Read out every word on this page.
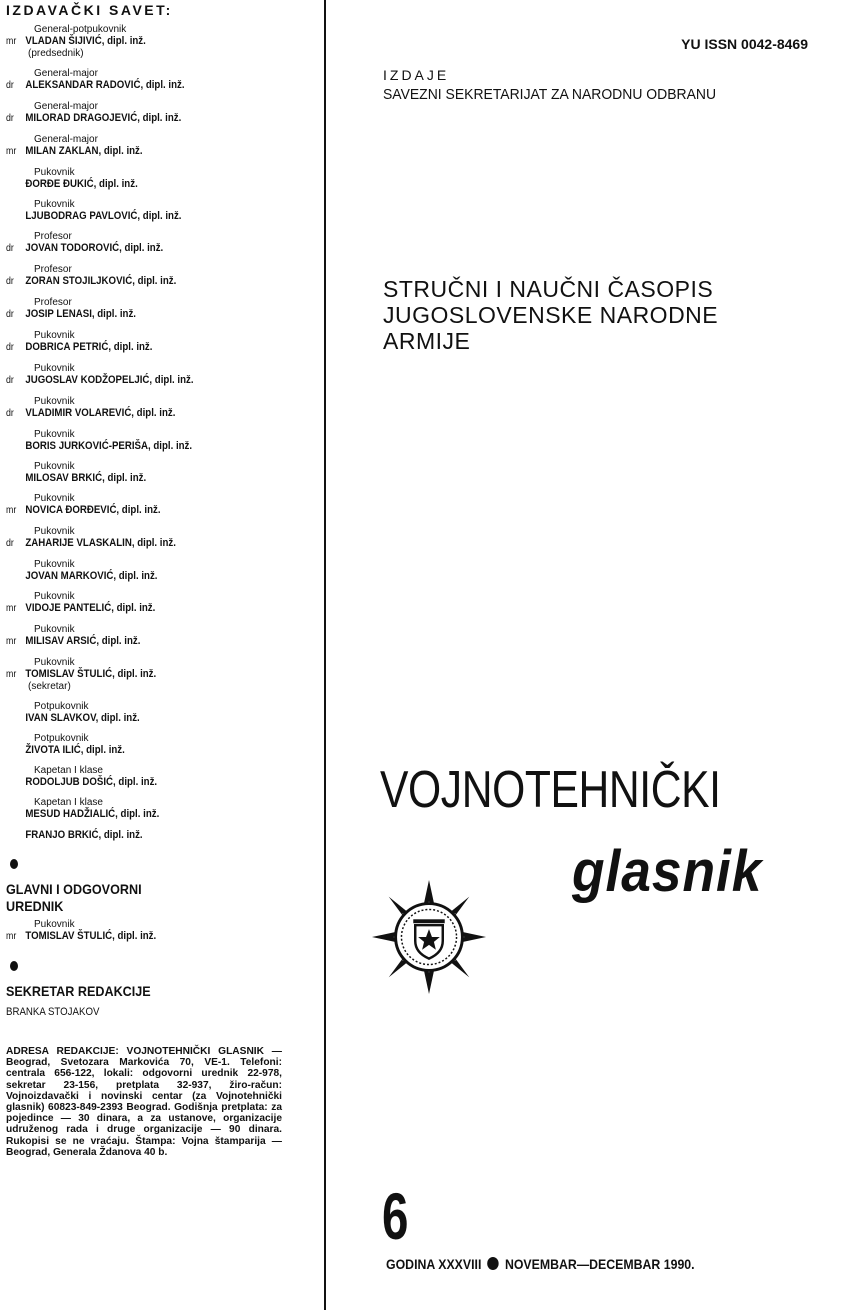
IZDAVAČKI SAVET:
General-potpukovnik
mr VLADAN ŠIJIVIĆ, dipl. inž.
(predsednik)
General-major
dr ALEKSANDAR RADOVIĆ, dipl. inž.
General-major
dr MILORAD DRAGOJEVIĆ, dipl. inž.
General-major
mr MILAN ZAKLAN, dipl. inž.
Pukovnik
ĐORĐE ĐUKIĆ, dipl. inž.
Pukovnik
LJUBODRAG PAVLOVIĆ, dipl. inž.
Profesor
dr JOVAN TODOROVIĆ, dipl. inž.
Profesor
dr ZORAN STOJILJKOVIĆ, dipl. inž.
Profesor
dr JOSIP LENASI, dipl. inž.
Pukovnik
dr DOBRICA PETRIĆ, dipl. inž.
Pukovnik
dr JUGOSLAV KODŽOPELJIĆ, dipl. inž.
Pukovnik
dr VLADIMIR VOLAREVIĆ, dipl. inž.
Pukovnik
BORIS JURKOVIĆ-PERIŠA, dipl. inž.
Pukovnik
MILOSAV BRKIĆ, dipl. inž.
Pukovnik
mr NOVICA ĐORĐEVIĆ, dipl. inž.
Pukovnik
dr ZAHARIJE VLASKALIN, dipl. inž.
Pukovnik
JOVAN MARKOVIĆ, dipl. inž.
Pukovnik
mr VIDOJE PANTELIĆ, dipl. inž.
Pukovnik
mr MILISAV ARSIĆ, dipl. inž.
Pukovnik
mr TOMISLAV ŠTULIĆ, dipl. inž.
(sekretar)
Potpukovnik
IVAN SLAVKOV, dipl. inž.
Potpukovnik
ŽIVOTA ILIĆ, dipl. inž.
Kapetan I klase
RODOLJUB DOŠIĆ, dipl. inž.
Kapetan I klase
MESUD HADŽIALIĆ, dipl. inž.
FRANJO BRKIĆ, dipl. inž.
GLAVNI I ODGOVORNI
UREDNIK
Pukovnik
mr TOMISLAV ŠTULIĆ, dipl. inž.
SEKRETAR REDAKCIJE
BRANKA STOJAKOV
ADRESA REDAKCIJE: VOJNOTEHNIČKI GLASNIK — Beograd, Svetozara Markovića 70, VE-1. Telefoni: centrala 656-122, lokali: odgovorni urednik 22-978, sekretar 23-156, pretplata 32-937, žiro-račun: Vojnoizdavački i novinski centar (za Vojnotehnički glasnik) 60823-849-2393 Beograd. Godišnja pretplata: za pojedince — 30 dinara, a za ustanove, organizacije udruženog rada i druge organizacije — 90 dinara. Rukopisi se ne vraćaju. Štampa: Vojna štamparija — Beograd, Generala Ždanova 40 b.
YU ISSN 0042-8469
IZDAJE
SAVEZNI SEKRETARIJAT ZA NARODNU ODBRANU
STRUČNI I NAUČNI ČASOPIS
JUGOSLOVENSKE NARODNE
ARMIJE
VOJNOTEHNIČKI
glasnik
6
GODINA XXXVIII NOVEMBAR—DECEMBAR 1990.
